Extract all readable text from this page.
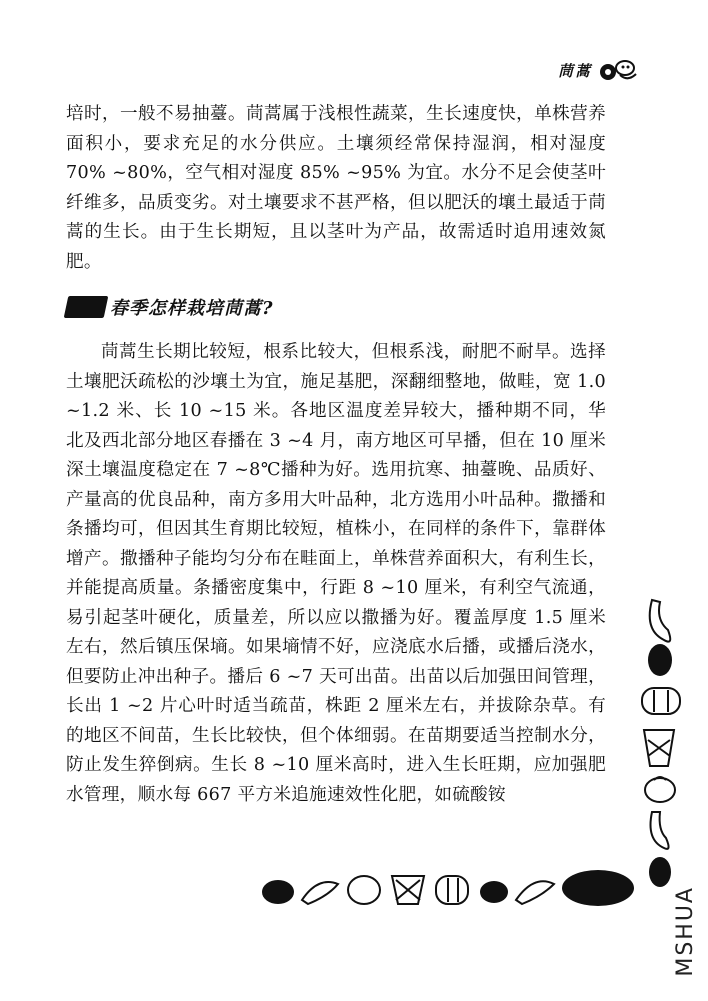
茼蒿
培时，一般不易抽薹。茼蒿属于浅根性蔬菜，生长速度快，单株营养面积小，要求充足的水分供应。土壤须经常保持湿润，相对湿度 70% ~80%，空气相对湿度 85% ~95% 为宜。水分不足会使茎叶纤维多，品质变劣。对土壤要求不甚严格，但以肥沃的壤土最适于茼蒿的生长。由于生长期短，且以茎叶为产品，故需适时追用速效氮肥。
春季怎样栽培茼蒿?
茼蒿生长期比较短，根系比较大，但根系浅，耐肥不耐旱。选择土壤肥沃疏松的沙壤土为宜，施足基肥，深翻细整地，做畦，宽 1.0 ~1.2 米、长 10 ~15 米。各地区温度差异较大，播种期不同，华北及西北部分地区春播在 3 ~4 月，南方地区可早播，但在 10 厘米深土壤温度稳定在 7 ~8℃播种为好。选用抗寒、抽薹晚、品质好、产量高的优良品种，南方多用大叶品种，北方选用小叶品种。撒播和条播均可，但因其生育期比较短，植株小，在同样的条件下，靠群体增产。撒播种子能均匀分布在畦面上，单株营养面积大，有利生长，并能提高质量。条播密度集中，行距 8 ~10 厘米，有利空气流通，易引起茎叶硬化，质量差，所以应以撒播为好。覆盖厚度 1.5 厘米左右，然后镇压保墒。如果墒情不好，应浇底水后播，或播后浇水，但要防止冲出种子。播后 6 ~7 天可出苗。出苗以后加强田间管理，长出 1 ~2 片心叶时适当疏苗，株距 2 厘米左右，并拔除杂草。有的地区不间苗，生长比较快，但个体细弱。在苗期要适当控制水分，防止发生猝倒病。生长 8 ~10 厘米高时，进入生长旺期，应加强肥水管理，顺水每 667 平方米追施速效性化肥，如硫酸铵
MSHUA
